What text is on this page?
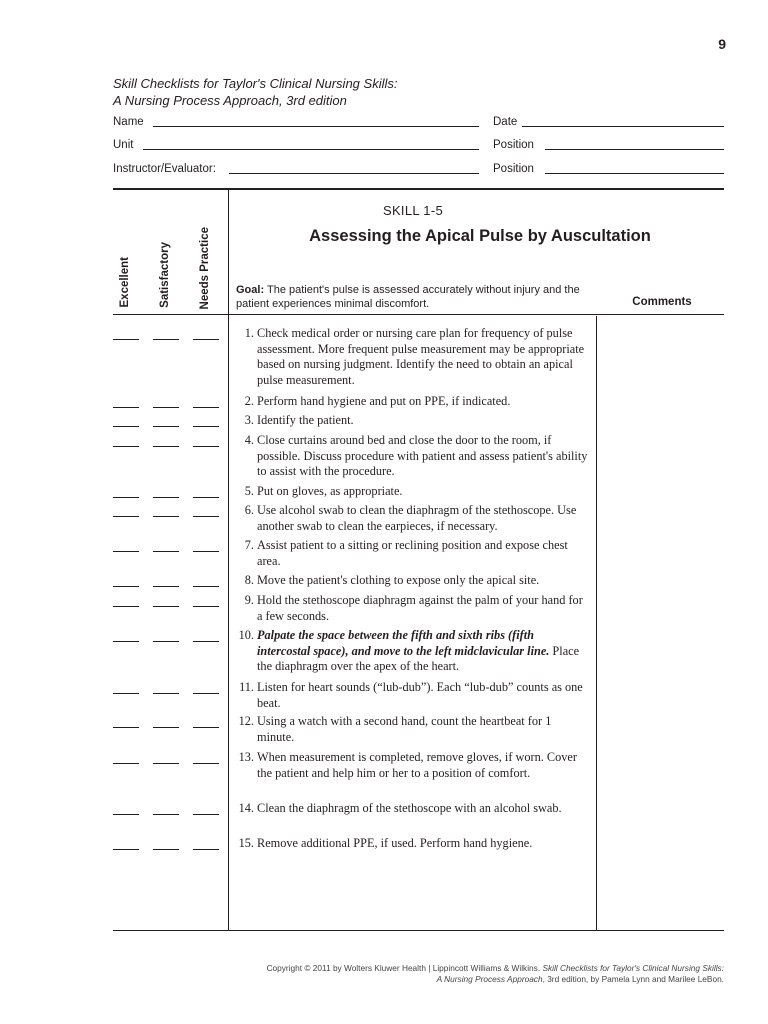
9
Skill Checklists for Taylor's Clinical Nursing Skills:
A Nursing Process Approach, 3rd edition
Name	Date
Unit	Position
Instructor/Evaluator:	Position
Excellent Satisfactory Needs Practice
SKILL 1-5
Assessing the Apical Pulse by Auscultation
Goal: The patient's pulse is assessed accurately without injury and the patient experiences minimal discomfort.	Comments
1. Check medical order or nursing care plan for frequency of pulse assessment. More frequent pulse measurement may be appropriate based on nursing judgment. Identify the need to obtain an apical pulse measurement.
2. Perform hand hygiene and put on PPE, if indicated.
3. Identify the patient.
4. Close curtains around bed and close the door to the room, if possible. Discuss procedure with patient and assess patient's ability to assist with the procedure.
5. Put on gloves, as appropriate.
6. Use alcohol swab to clean the diaphragm of the stethoscope. Use another swab to clean the earpieces, if necessary.
7. Assist patient to a sitting or reclining position and expose chest area.
8. Move the patient's clothing to expose only the apical site.
9. Hold the stethoscope diaphragm against the palm of your hand for a few seconds.
10. Palpate the space between the fifth and sixth ribs (fifth intercostal space), and move to the left midclavicular line. Place the diaphragm over the apex of the heart.
11. Listen for heart sounds (“lub-dub”). Each “lub-dub” counts as one beat.
12. Using a watch with a second hand, count the heartbeat for 1 minute.
13. When measurement is completed, remove gloves, if worn. Cover the patient and help him or her to a position of comfort.
14. Clean the diaphragm of the stethoscope with an alcohol swab.
15. Remove additional PPE, if used. Perform hand hygiene.
Copyright © 2011 by Wolters Kluwer Health | Lippincott Williams & Wilkins. Skill Checklists for Taylor's Clinical Nursing Skills:
A Nursing Process Approach, 3rd edition, by Pamela Lynn and Marilee LeBon.
